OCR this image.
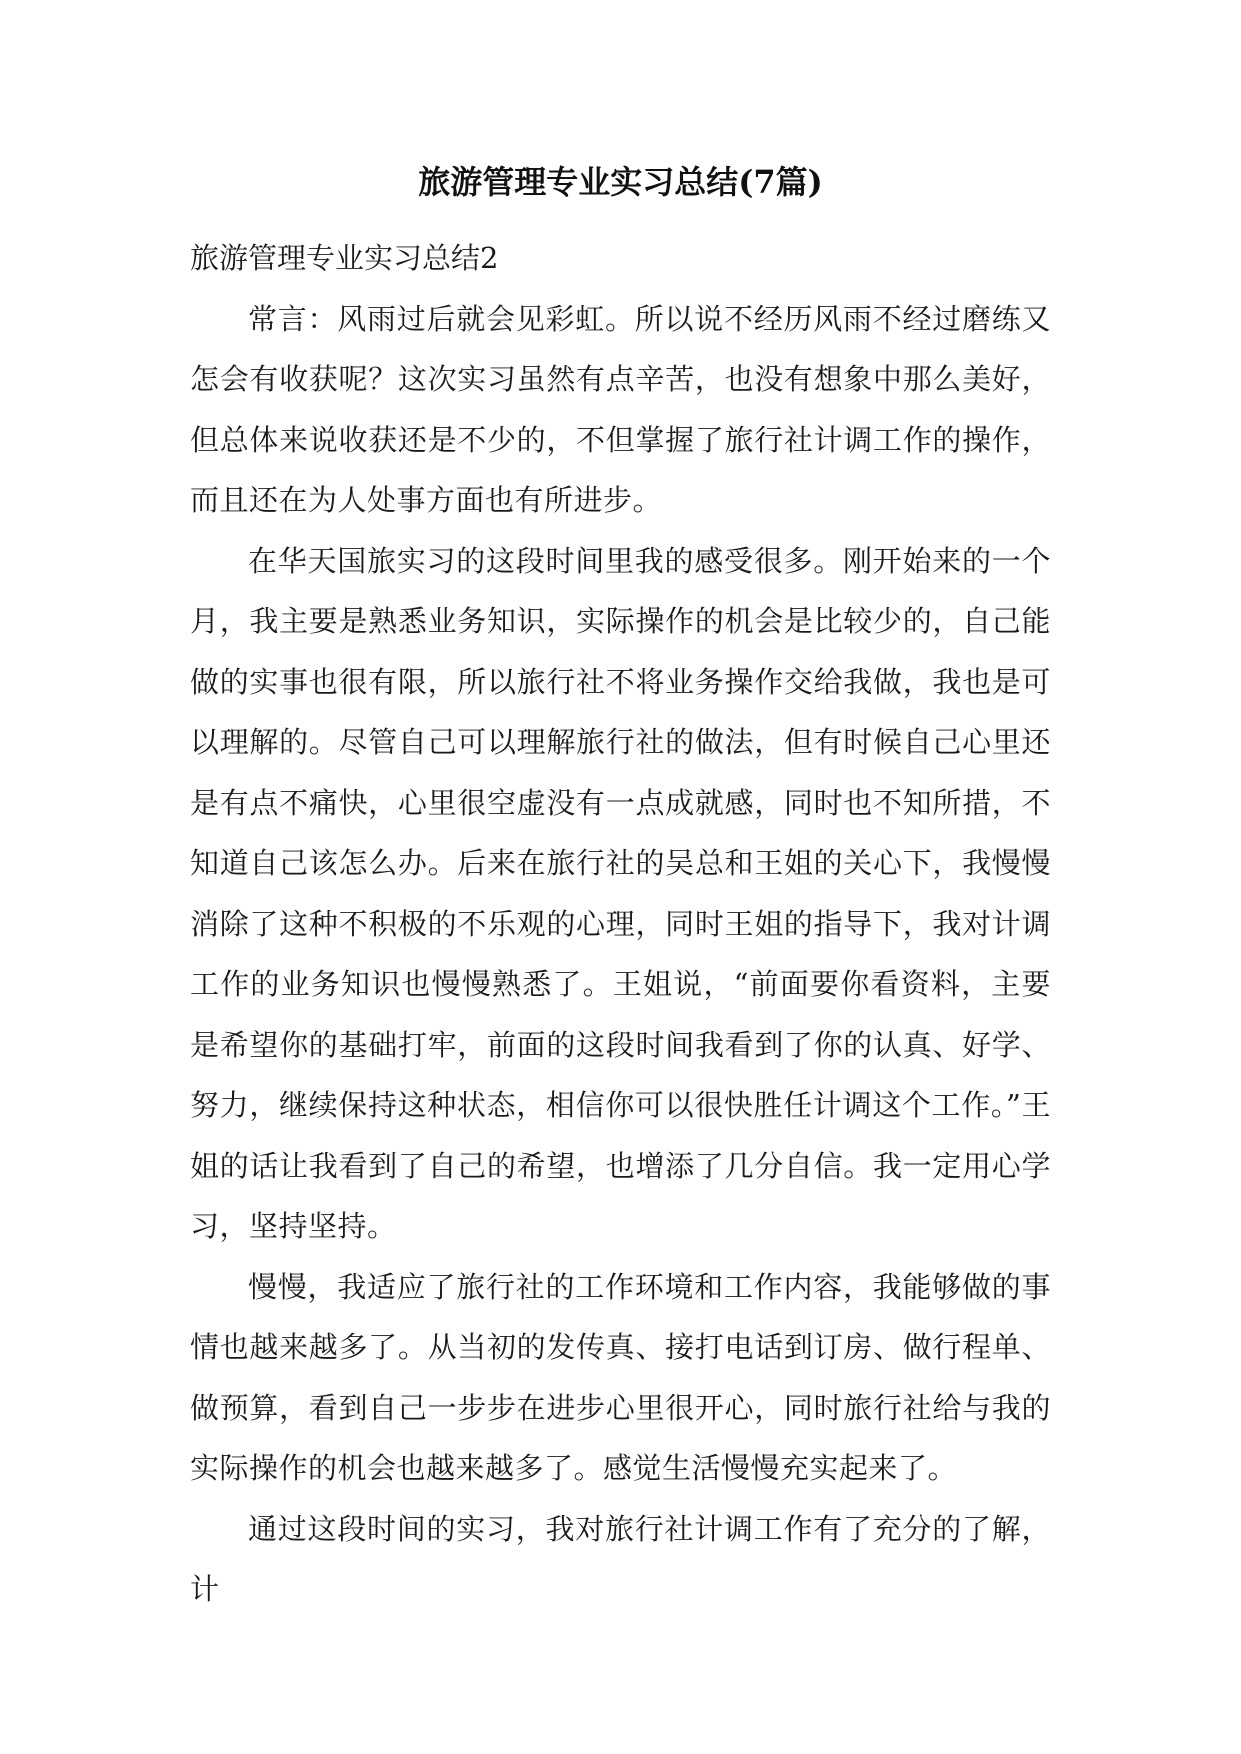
旅游管理专业实习总结(7篇)
旅游管理专业实习总结2

常言：风雨过后就会见彩虹。所以说不经历风雨不经过磨练又怎会有收获呢？这次实习虽然有点辛苦，也没有想象中那么美好，但总体来说收获还是不少的，不但掌握了旅行社计调工作的操作，而且还在为人处事方面也有所进步。

在华天国旅实习的这段时间里我的感受很多。刚开始来的一个月，我主要是熟悉业务知识，实际操作的机会是比较少的，自己能做的实事也很有限，所以旅行社不将业务操作交给我做，我也是可以理解的。尽管自己可以理解旅行社的做法，但有时候自己心里还是有点不痛快，心里很空虚没有一点成就感，同时也不知所措，不知道自己该怎么办。后来在旅行社的吴总和王姐的关心下，我慢慢消除了这种不积极的不乐观的心理，同时王姐的指导下，我对计调工作的业务知识也慢慢熟悉了。王姐说，“前面要你看资料，主要是希望你的基础打牢，前面的这段时间我看到了你的认真、好学、努力，继续保持这种状态，相信你可以很快胜任计调这个工作。”王姐的话让我看到了自己的希望，也增添了几分自信。我一定用心学习，坚持坚持。

慢慢，我适应了旅行社的工作环境和工作内容，我能够做的事情也越来越多了。从当初的发传真、接打电话到订房、做行程单、做预算，看到自己一步步在进步心里很开心，同时旅行社给与我的实际操作的机会也越来越多了。感觉生活慢慢充实起来了。

通过这段时间的实习，我对旅行社计调工作有了充分的了解，计
